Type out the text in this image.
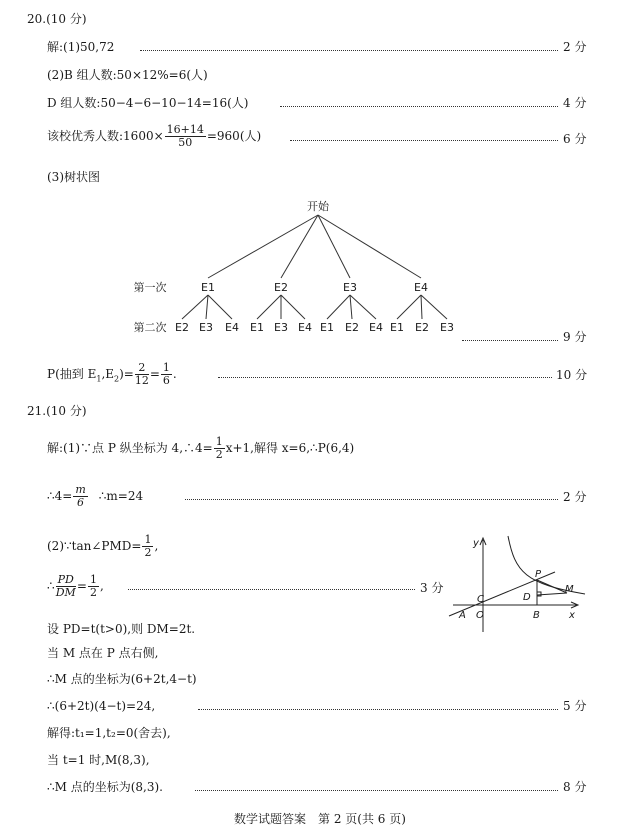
20.(10 分)
解:(1)50,72	2 分
(2)B 组人数:50×12%=6(人)
D 组人数:50−4−6−10−14=16(人)	4 分
该校优秀人数:1600× $\frac{16+14}{50} =960$(人)	6 分
(3)树状图
开始
第一次
第二次
E1	E2	E3	E4
E2 E3 E4 E1 E3 E4 E1 E2 E4 E1 E2 E3
9 分
P(抽到 $E_1,E_2)= \frac{2}{12} = \frac{1}{6}$ .	10 分
21.(10 分)
解:(1)∵点 P 纵坐标为 4,∴4= $\frac{1}{2} x+1$,解得 x=6,∴P(6,4)
∴4= $\frac{m}{6}$ ∴m=24	2 分
(2)∵tan∠PMD= $\frac{1}{2}$ ,
∴ $\frac{PD}{DM} = \frac{1}{2}$ ,	3 分
y
x
P
M
C	D
A O	B
设 PD=t(t>0),则 DM=2t.
当 M 点在 P 点右侧,
∴M 点的坐标为(6+2t,4−t)
∴(6+2t)(4−t)=24,	5 分
解得:t₁=1,t₂=0(舍去),
当 t=1 时,M(8,3),
∴M 点的坐标为(8,3).	8 分
数学试题答案　第 2 页(共 6 页)
